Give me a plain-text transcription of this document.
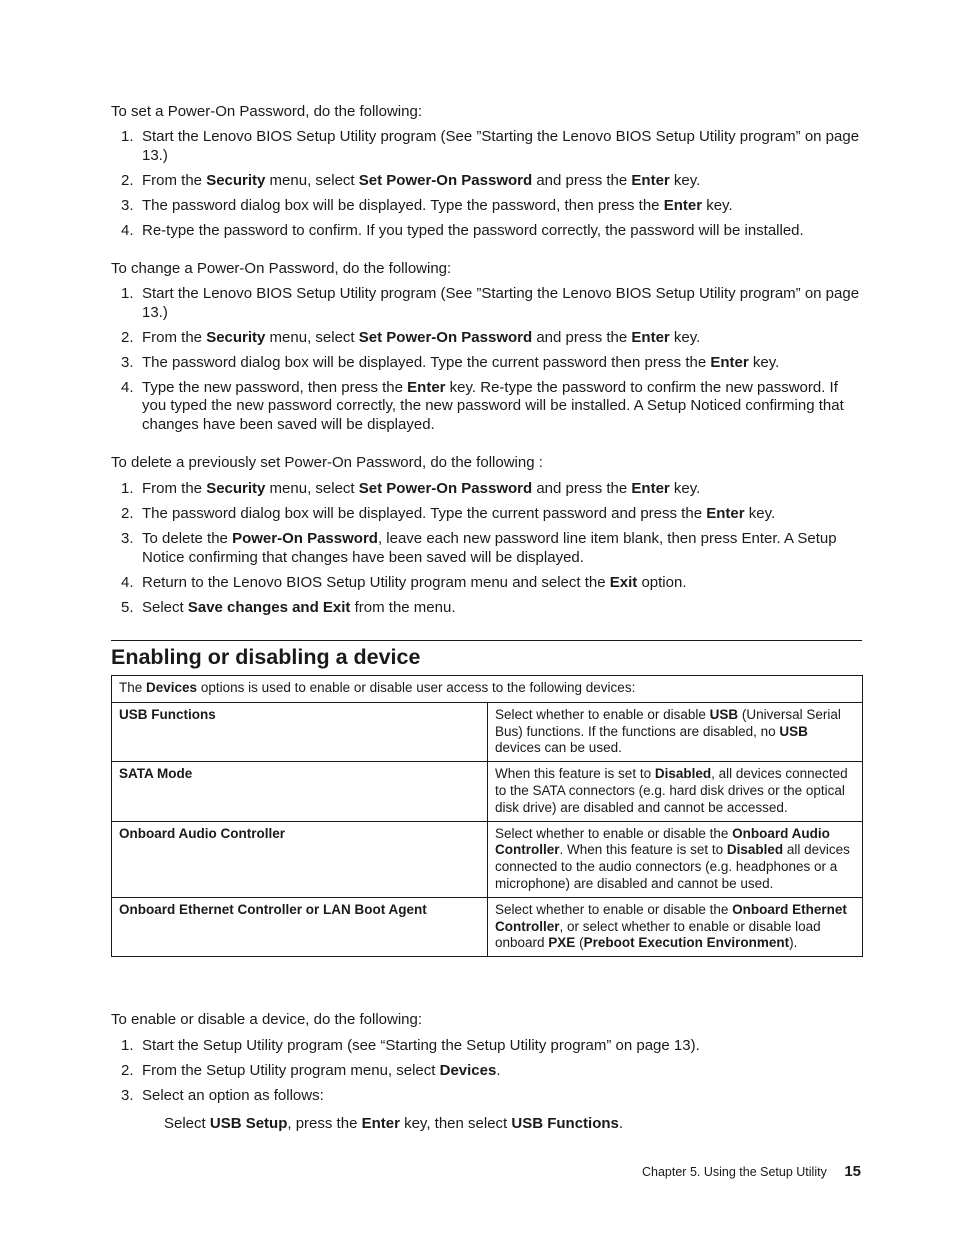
To set a Power-On Password, do the following:

1. Start the Lenovo BIOS Setup Utility program (See ”Starting the Lenovo BIOS Setup Utility program” on page 13.)
2. From the Security menu, select Set Power-On Password and press the Enter key.
3. The password dialog box will be displayed. Type the password, then press the Enter key.
4. Re-type the password to confirm. If you typed the password correctly, the password will be installed.

To change a Power-On Password, do the following:

1. Start the Lenovo BIOS Setup Utility program (See ”Starting the Lenovo BIOS Setup Utility program” on page 13.)
2. From the Security menu, select Set Power-On Password and press the Enter key.
3. The password dialog box will be displayed. Type the current password then press the Enter key.
4. Type the new password, then press the Enter key. Re-type the password to confirm the new password. If you typed the new password correctly, the new password will be installed. A Setup Noticed confirming that changes have been saved will be displayed.

To delete a previously set Power-On Password, do the following :

1. From the Security menu, select Set Power-On Password and press the Enter key.
2. The password dialog box will be displayed. Type the current password and press the Enter key.
3. To delete the Power-On Password, leave each new password line item blank, then press Enter. A Setup Notice confirming that changes have been saved will be displayed.
4. Return to the Lenovo BIOS Setup Utility program menu and select the Exit option.
5. Select Save changes and Exit from the menu.
Enabling or disabling a device
The Devices options is used to enable or disable user access to the following devices:	
USB Functions	Select whether to enable or disable USB (Universal Serial Bus) functions. If the functions are disabled, no USB devices can be used.
SATA Mode	When this feature is set to Disabled, all devices connected to the SATA connectors (e.g. hard disk drives or the optical disk drive) are disabled and cannot be accessed.
Onboard Audio Controller	Select whether to enable or disable the Onboard Audio Controller. When this feature is set to Disabled all devices connected to the audio connectors (e.g. headphones or a microphone) are disabled and cannot be used.
Onboard Ethernet Controller or LAN Boot Agent	Select whether to enable or disable the Onboard Ethernet Controller, or select whether to enable or disable load onboard PXE (Preboot Execution Environment).

To enable or disable a device, do the following:

1. Start the Setup Utility program (see “Starting the Setup Utility program” on page 13).
2. From the Setup Utility program menu, select Devices.
3. Select an option as follows:
Select USB Setup, press the Enter key, then select USB Functions.
Chapter 5. Using the Setup Utility 15
